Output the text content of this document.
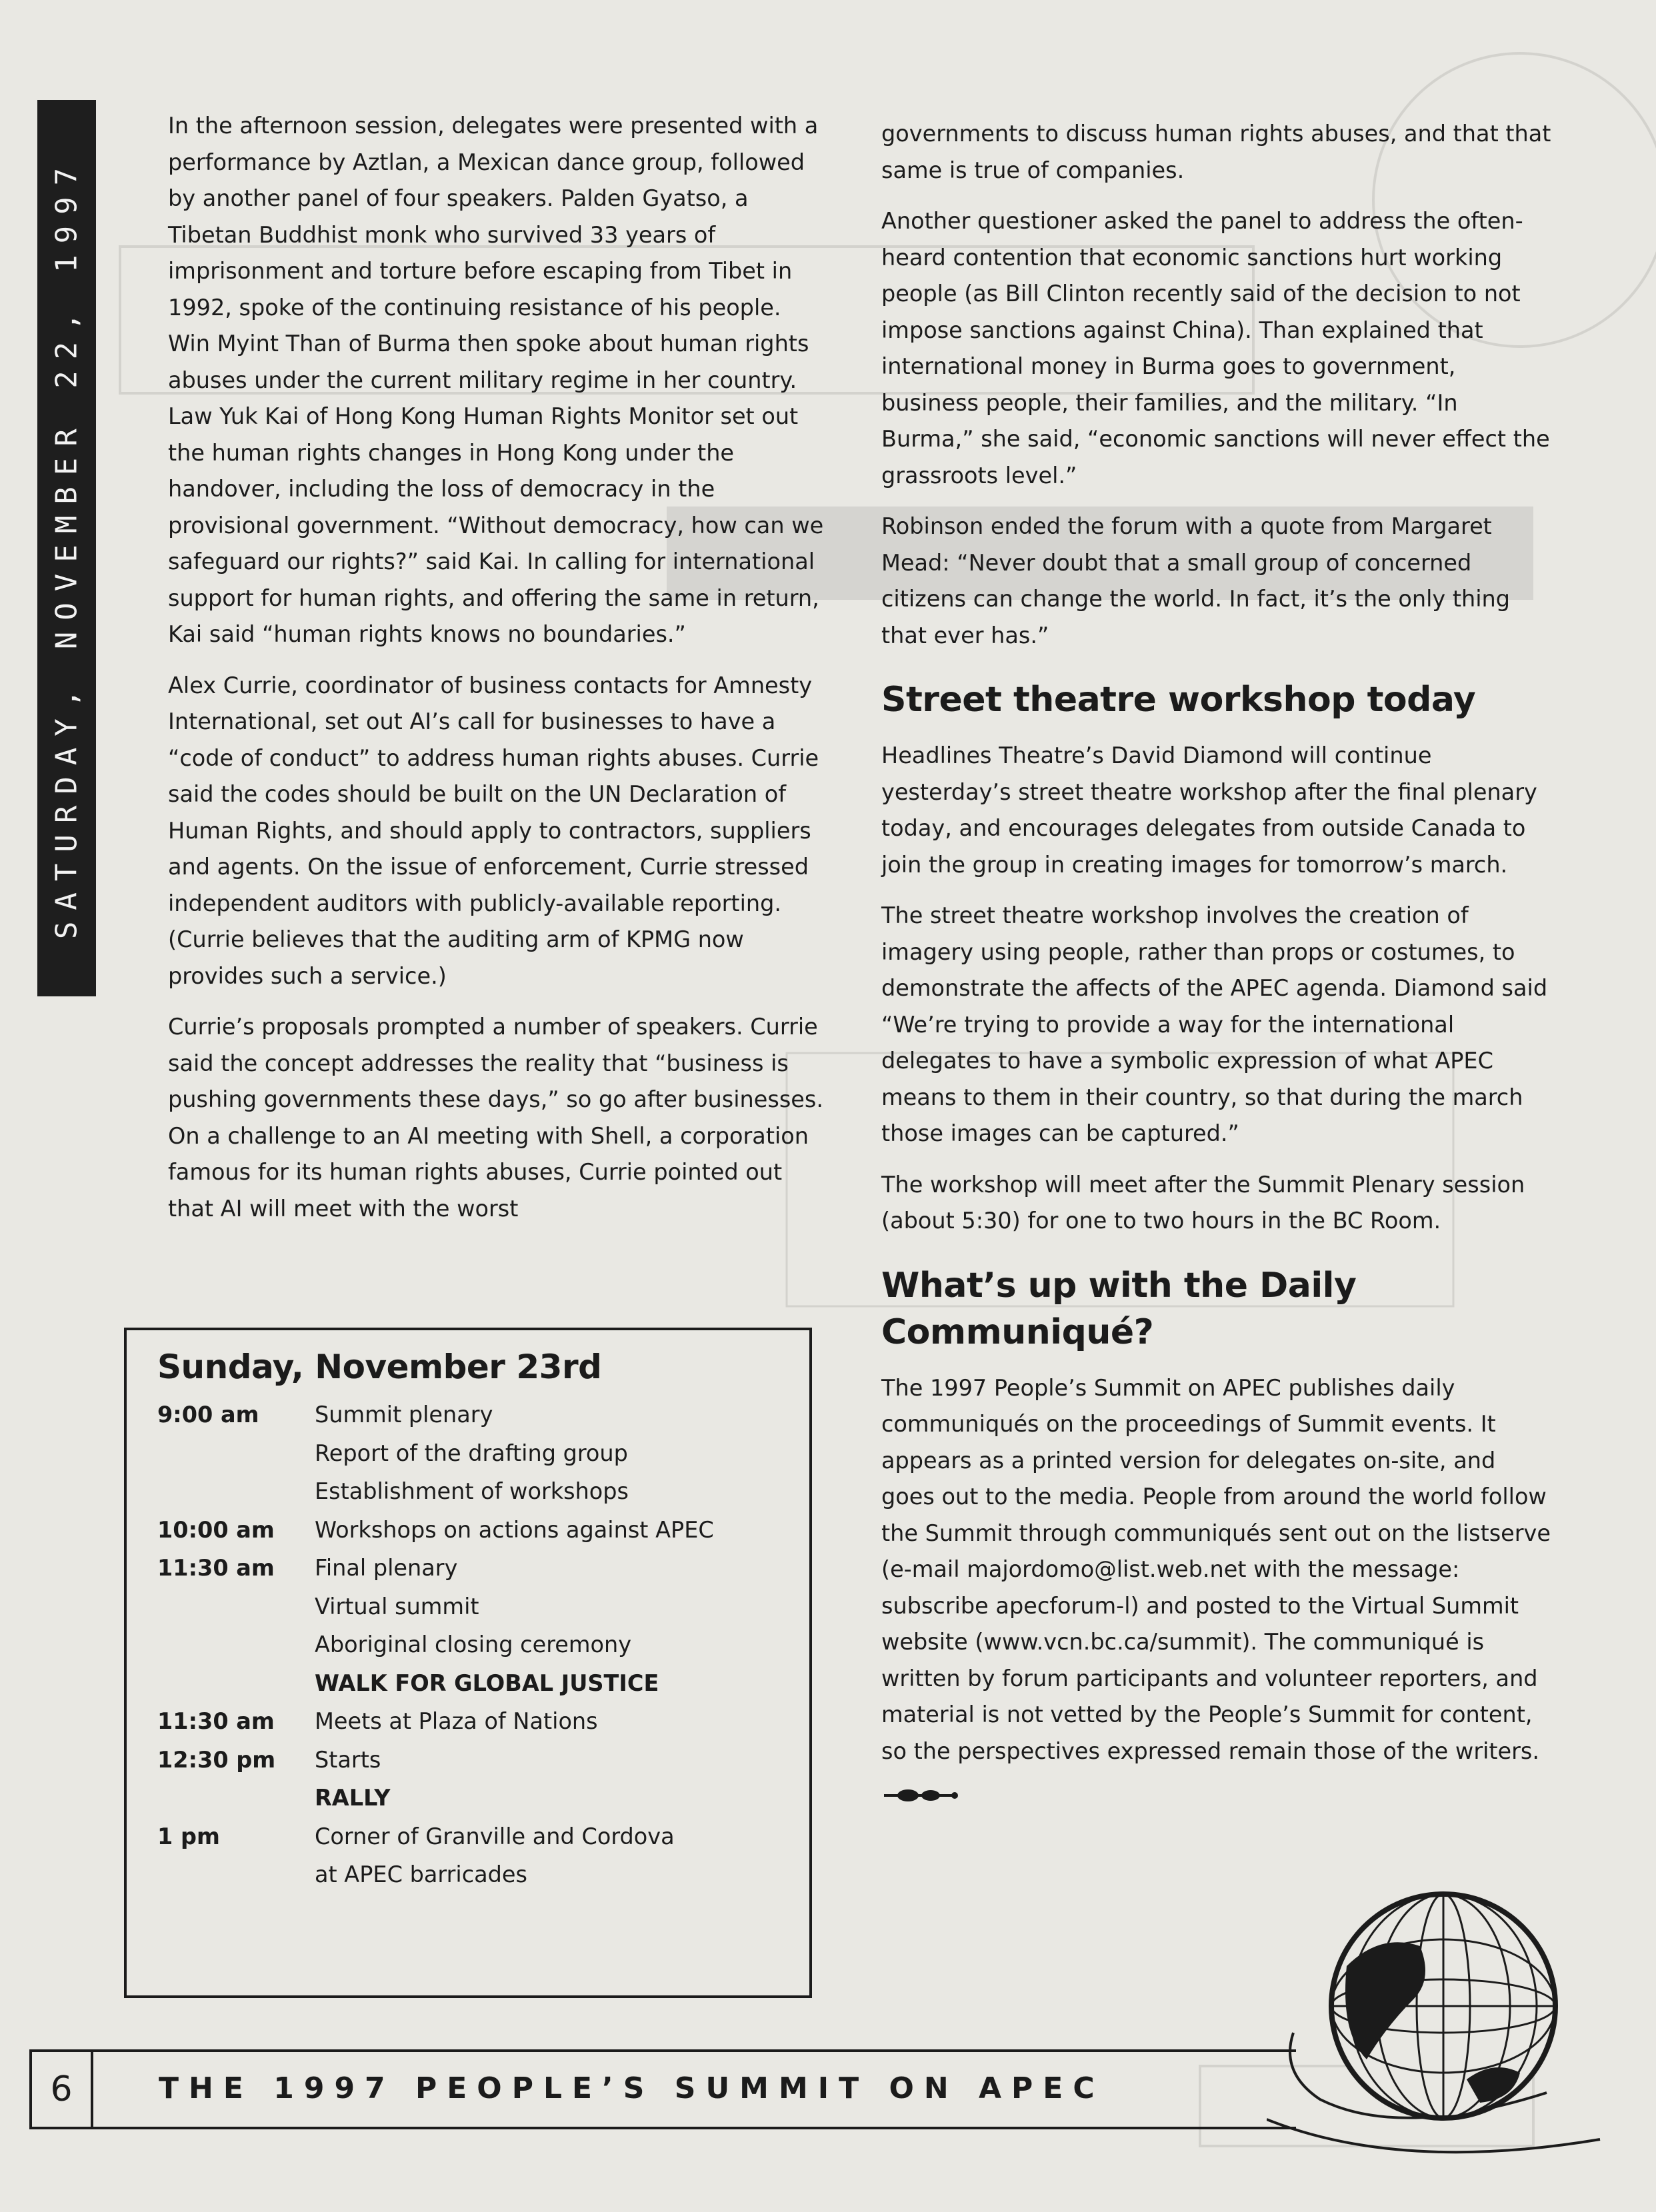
SATURDAY, NOVEMBER 22, 1997

In the afternoon session, delegates were presented with a performance by Aztlan, a Mexican dance group, followed by another panel of four speakers. Palden Gyatso, a Tibetan Buddhist monk who survived 33 years of imprisonment and torture before escaping from Tibet in 1992, spoke of the continuing resistance of his people. Win Myint Than of Burma then spoke about human rights abuses under the current military regime in her country. Law Yuk Kai of Hong Kong Human Rights Monitor set out the human rights changes in Hong Kong under the handover, including the loss of democracy in the provisional government. “Without democracy, how can we safeguard our rights?” said Kai. In calling for international support for human rights, and offering the same in return, Kai said “human rights knows no boundaries.”

Alex Currie, coordinator of business contacts for Amnesty International, set out AI’s call for businesses to have a “code of conduct” to address human rights abuses. Currie said the codes should be built on the UN Declaration of Human Rights, and should apply to contractors, suppliers and agents. On the issue of enforcement, Currie stressed independent auditors with publicly-available reporting. (Currie believes that the auditing arm of KPMG now provides such a service.)

Currie’s proposals prompted a number of speakers. Currie said the concept addresses the reality that “business is pushing governments these days,” so go after businesses. On a challenge to an AI meeting with Shell, a corporation famous for its human rights abuses, Currie pointed out that AI will meet with the worst

governments to discuss human rights abuses, and that that same is true of companies.

Another questioner asked the panel to address the often-heard contention that economic sanctions hurt working people (as Bill Clinton recently said of the decision to not impose sanctions against China). Than explained that international money in Burma goes to government, business people, their families, and the military. “In Burma,” she said, “economic sanctions will never effect the grassroots level.”

Robinson ended the forum with a quote from Margaret Mead: “Never doubt that a small group of concerned citizens can change the world. In fact, it’s the only thing that ever has.”

Street theatre workshop today

Headlines Theatre’s David Diamond will continue yesterday’s street theatre workshop after the final plenary today, and encourages delegates from outside Canada to join the group in creating images for tomorrow’s march.

The street theatre workshop involves the creation of imagery using people, rather than props or costumes, to demonstrate the affects of the APEC agenda. Diamond said “We’re trying to provide a way for the international delegates to have a symbolic expression of what APEC means to them in their country, so that during the march those images can be captured.”

The workshop will meet after the Summit Plenary session (about 5:30) for one to two hours in the BC Room.

What’s up with the Daily Communiqué?

The 1997 People’s Summit on APEC publishes daily communiqués on the proceedings of Summit events. It appears as a printed version for delegates on-site, and goes out to the media. People from around the world follow the Summit through communiqués sent out on the listserve (e-mail majordomo@list.web.net with the message: subscribe apecforum-l) and posted to the Virtual Summit website (www.vcn.bc.ca/summit). The communiqué is written by forum participants and volunteer reporters, and material is not vetted by the People’s Summit for content, so the perspectives expressed remain those of the writers.

Sunday, November 23rd
9:00 am	Summit plenary
Report of the drafting group
Establishment of workshops
10:00 am	Workshops on actions against APEC
11:30 am	Final plenary
Virtual summit
Aboriginal closing ceremony
WALK FOR GLOBAL JUSTICE
11:30 am	Meets at Plaza of Nations
12:30 pm	Starts
RALLY
1 pm	Corner of Granville and Cordova
at APEC barricades
6	THE 1997 PEOPLE’S SUMMIT ON APEC
